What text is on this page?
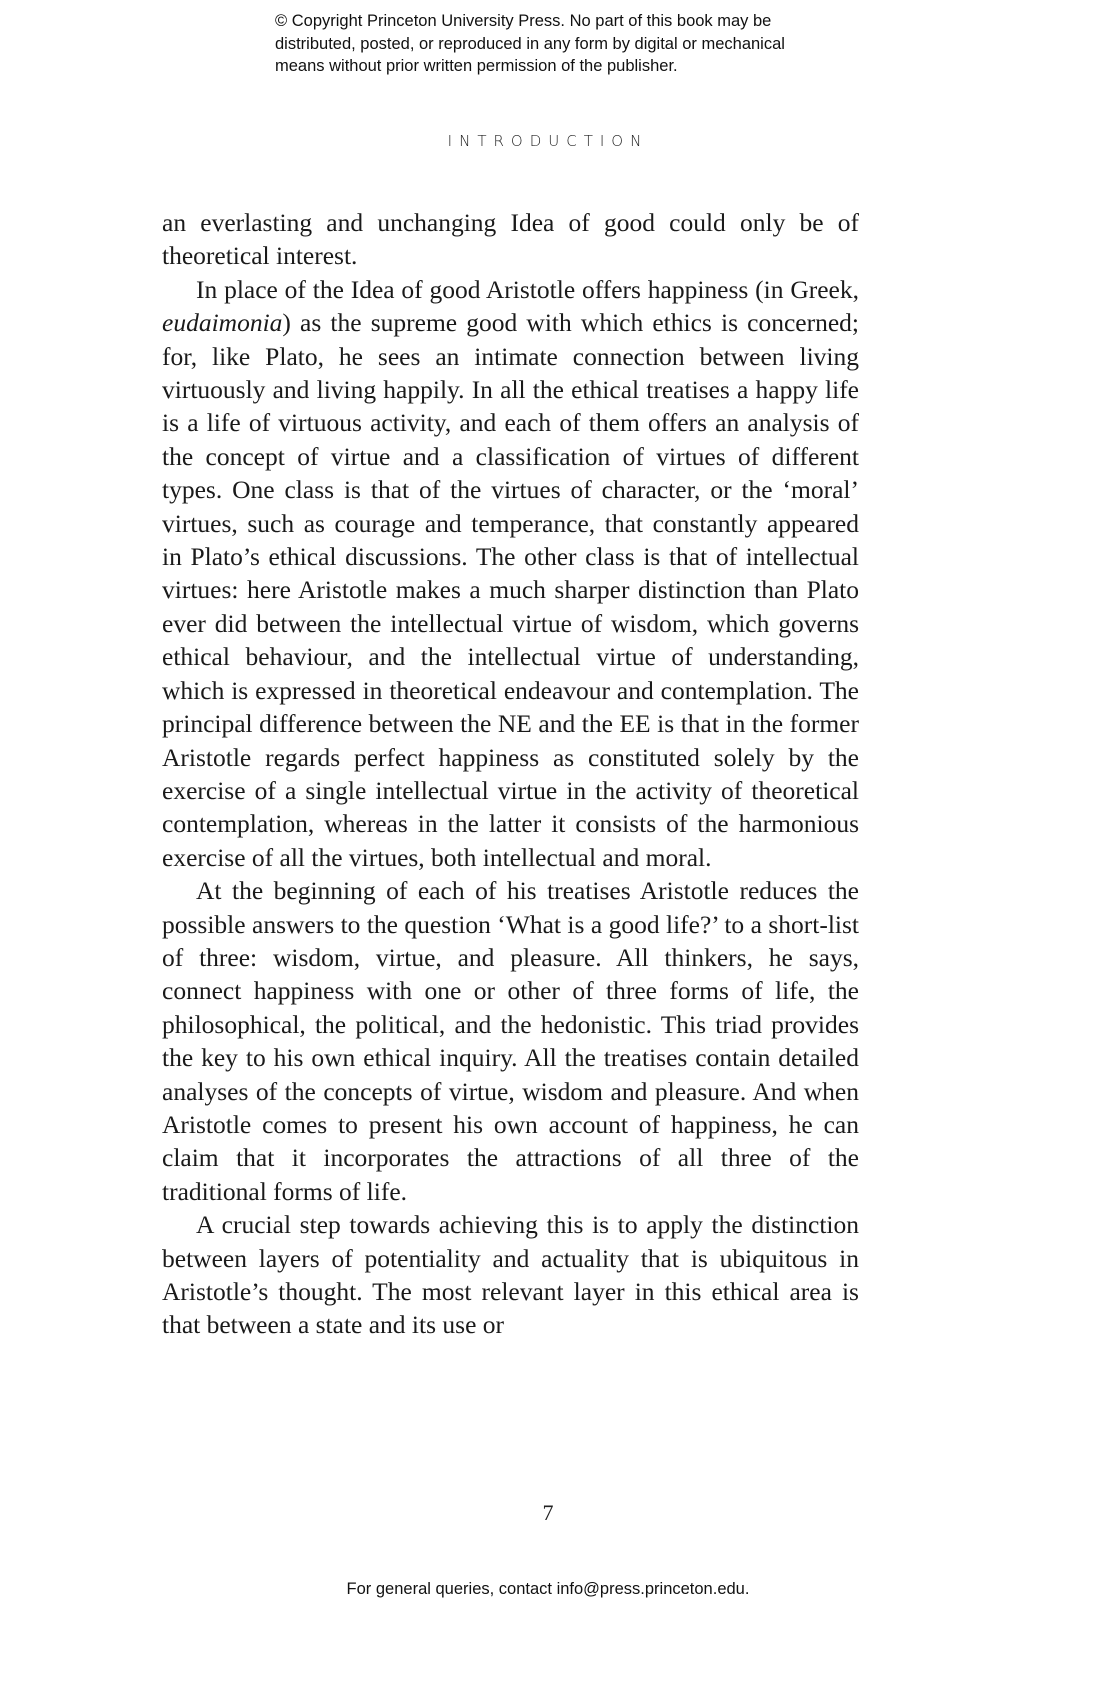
© Copyright Princeton University Press. No part of this book may be
distributed, posted, or reproduced in any form by digital or mechanical
means without prior written permission of the publisher.
INTRODUCTION

an everlasting and unchanging Idea of good could only be of theoretical interest.

In place of the Idea of good Aristotle offers happiness (in Greek, eudaimonia) as the supreme good with which ethics is concerned; for, like Plato, he sees an intimate connection between living virtuously and living happily. In all the ethical treatises a happy life is a life of virtuous activity, and each of them offers an analysis of the concept of virtue and a classification of virtues of different types. One class is that of the virtues of character, or the ‘moral’ virtues, such as courage and temperance, that constantly appeared in Plato’s ethical discussions. The other class is that of intellectual virtues: here Aristotle makes a much sharper distinction than Plato ever did between the intellectual virtue of wisdom, which governs ethical behaviour, and the intellectual virtue of understanding, which is expressed in theoretical endeavour and contemplation. The principal difference between the NE and the EE is that in the former Aristotle regards perfect happiness as constituted solely by the exercise of a single intellectual virtue in the activity of theoretical contemplation, whereas in the latter it consists of the harmonious exercise of all the virtues, both intellectual and moral.

At the beginning of each of his treatises Aristotle reduces the possible answers to the question ‘What is a good life?’ to a short-list of three: wisdom, virtue, and pleasure. All thinkers, he says, connect happiness with one or other of three forms of life, the philosophical, the political, and the hedonistic. This triad provides the key to his own ethical inquiry. All the treatises contain detailed analyses of the concepts of virtue, wisdom and pleasure. And when Aristotle comes to present his own account of happiness, he can claim that it incorporates the attractions of all three of the traditional forms of life.

A crucial step towards achieving this is to apply the distinction between layers of potentiality and actuality that is ubiquitous in Aristotle’s thought. The most relevant layer in this ethical area is that between a state and its use or

7
For general queries, contact info@press.princeton.edu.
